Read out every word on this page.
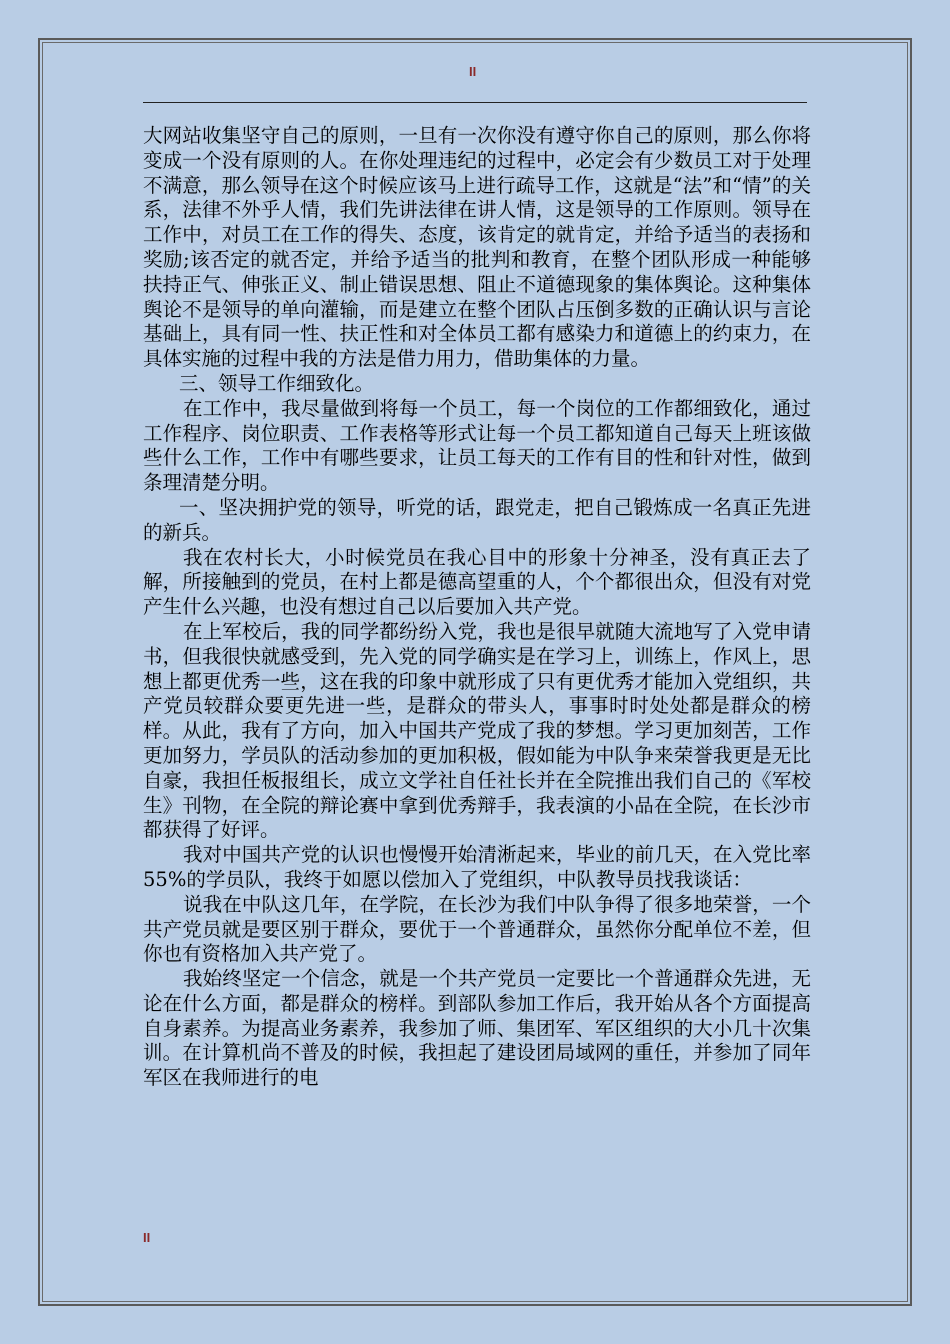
II

大网站收集坚守自己的原则，一旦有一次你没有遵守你自己的原则，那么你将变成一个没有原则的人。在你处理违纪的过程中，必定会有少数员工对于处理不满意，那么领导在这个时候应该马上进行疏导工作，这就是“法”和“情”的关系，法律不外乎人情，我们先讲法律在讲人情，这是领导的工作原则。领导在工作中，对员工在工作的得失、态度，该肯定的就肯定，并给予适当的表扬和奖励;该否定的就否定，并给予适当的批判和教育，在整个团队形成一种能够扶持正气、伸张正义、制止错误思想、阻止不道德现象的集体舆论。这种集体舆论不是领导的单向灌输，而是建立在整个团队占压倒多数的正确认识与言论基础上，具有同一性、扶正性和对全体员工都有感染力和道德上的约束力，在具体实施的过程中我的方法是借力用力，借助集体的力量。

三、领导工作细致化。

在工作中，我尽量做到将每一个员工，每一个岗位的工作都细致化，通过工作程序、岗位职责、工作表格等形式让每一个员工都知道自己每天上班该做些什么工作，工作中有哪些要求，让员工每天的工作有目的性和针对性，做到条理清楚分明。

一、坚决拥护党的领导，听党的话，跟党走，把自己锻炼成一名真正先进的新兵。

我在农村长大，小时候党员在我心目中的形象十分神圣，没有真正去了解，所接触到的党员，在村上都是德高望重的人，个个都很出众，但没有对党产生什么兴趣，也没有想过自己以后要加入共产党。

在上军校后，我的同学都纷纷入党，我也是很早就随大流地写了入党申请书，但我很快就感受到，先入党的同学确实是在学习上，训练上，作风上，思想上都更优秀一些，这在我的印象中就形成了只有更优秀才能加入党组织，共产党员较群众要更先进一些，是群众的带头人，事事时时处处都是群众的榜样。从此，我有了方向，加入中国共产党成了我的梦想。学习更加刻苦，工作更加努力，学员队的活动参加的更加积极，假如能为中队争来荣誉我更是无比自豪，我担任板报组长，成立文学社自任社长并在全院推出我们自己的《军校生》刊物，在全院的辩论赛中拿到优秀辩手，我表演的小品在全院，在长沙市都获得了好评。

我对中国共产党的认识也慢慢开始清淅起来，毕业的前几天，在入党比率55%的学员队，我终于如愿以偿加入了党组织，中队教导员找我谈话：

说我在中队这几年，在学院，在长沙为我们中队争得了很多地荣誉，一个共产党员就是要区别于群众，要优于一个普通群众，虽然你分配单位不差，但你也有资格加入共产党了。

我始终坚定一个信念，就是一个共产党员一定要比一个普通群众先进，无论在什么方面，都是群众的榜样。到部队参加工作后，我开始从各个方面提高自身素养。为提高业务素养，我参加了师、集团军、军区组织的大小几十次集训。在计算机尚不普及的时候，我担起了建设团局域网的重任，并参加了同年军区在我师进行的电

II
